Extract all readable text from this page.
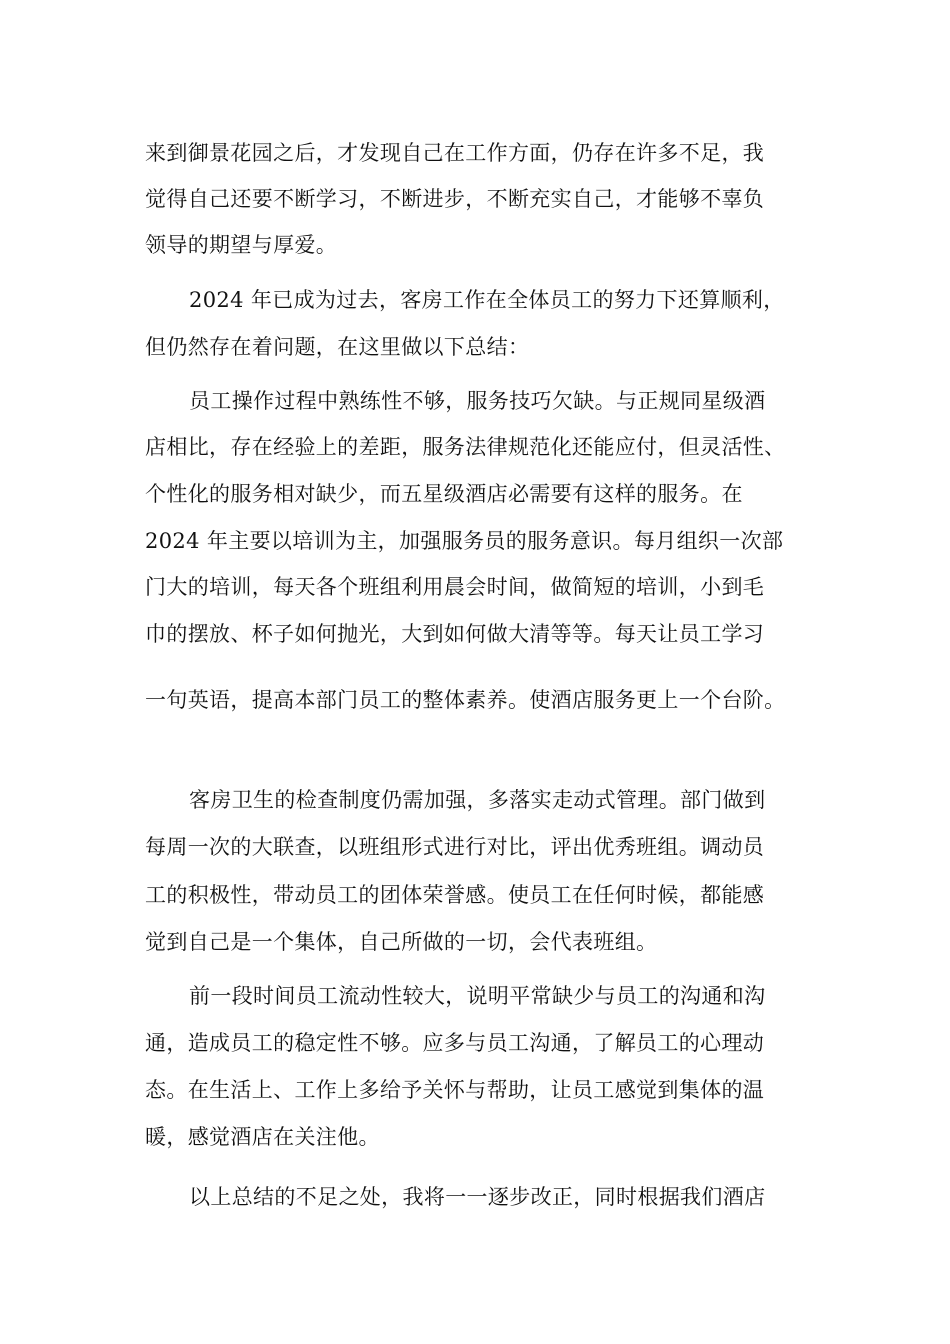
来到御景花园之后，才发现自己在工作方面，仍存在许多不足，我
觉得自己还要不断学习，不断进步，不断充实自己，才能够不辜负
领导的期望与厚爱。
2024 年已成为过去，客房工作在全体员工的努力下还算顺利，
但仍然存在着问题，在这里做以下总结：
员工操作过程中熟练性不够，服务技巧欠缺。与正规同星级酒
店相比，存在经验上的差距，服务法律规范化还能应付，但灵活性、
个性化的服务相对缺少，而五星级酒店必需要有这样的服务。在
2024 年主要以培训为主，加强服务员的服务意识。每月组织一次部
门大的培训，每天各个班组利用晨会时间，做简短的培训，小到毛
巾的摆放、杯子如何抛光，大到如何做大清等等。每天让员工学习
一句英语，提高本部门员工的整体素养。使酒店服务更上一个台阶。
客房卫生的检查制度仍需加强，多落实走动式管理。部门做到
每周一次的大联查，以班组形式进行对比，评出优秀班组。调动员
工的积极性，带动员工的团体荣誉感。使员工在任何时候，都能感
觉到自己是一个集体，自己所做的一切，会代表班组。
前一段时间员工流动性较大，说明平常缺少与员工的沟通和沟
通，造成员工的稳定性不够。应多与员工沟通，了解员工的心理动
态。在生活上、工作上多给予关怀与帮助，让员工感觉到集体的温
暖，感觉酒店在关注他。
以上总结的不足之处，我将一一逐步改正，同时根据我们酒店
